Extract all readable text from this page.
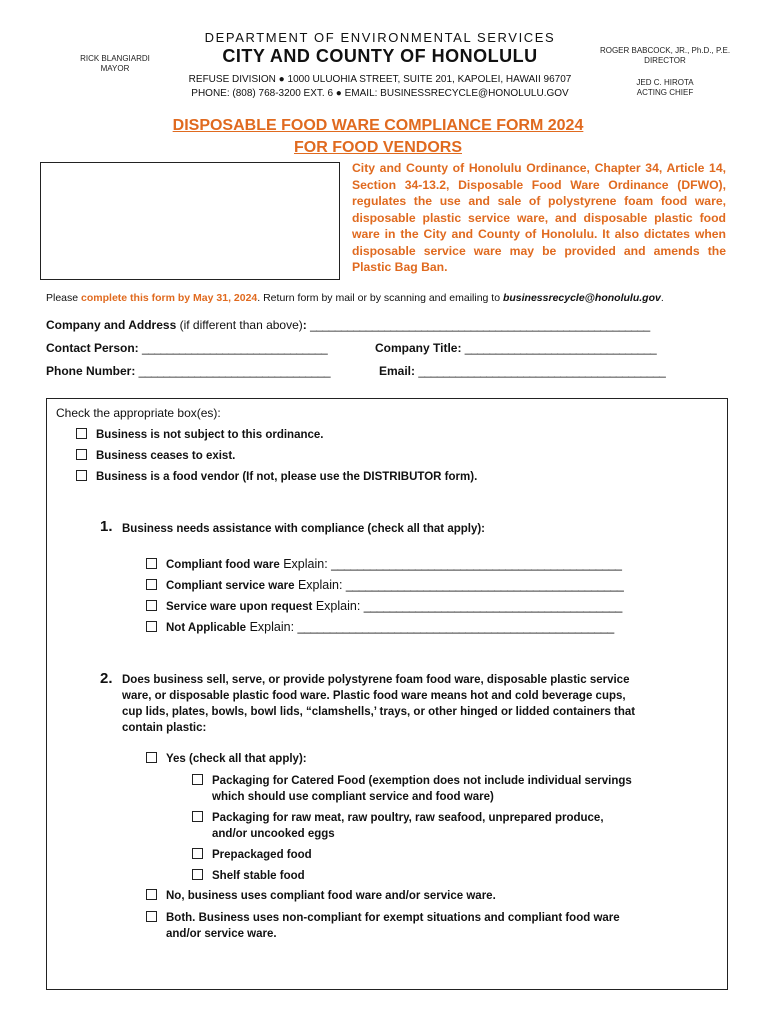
RICK BLANGIARDI
MAYOR
DEPARTMENT OF ENVIRONMENTAL SERVICES
CITY AND COUNTY OF HONOLULU
REFUSE DIVISION ● 1000 ULUOHIA STREET, SUITE 201, KAPOLEI, HAWAII 96707
PHONE: (808) 768-3200 EXT. 6 ● EMAIL: BUSINESSRECYCLE@HONOLULU.GOV
ROGER BABCOCK, JR., Ph.D., P.E.
DIRECTOR
JED C. HIROTA
ACTING CHIEF
DISPOSABLE FOOD WARE COMPLIANCE FORM 2024
FOR FOOD VENDORS
City and County of Honolulu Ordinance, Chapter 34, Article 14, Section 34-13.2, Disposable Food Ware Ordinance (DFWO), regulates the use and sale of polystyrene foam food ware, disposable plastic service ware, and disposable plastic food ware in the City and County of Honolulu. It also dictates when disposable service ware may be provided and amends the Plastic Bag Ban.
Please complete this form by May 31, 2024. Return form by mail or by scanning and emailing to businessrecycle@honolulu.gov.
Company and Address (if different than above): _______________________________________________________
Contact Person: ______________________________	Company Title: _______________________________
Phone Number: _______________________________	Email: ________________________________________
Check the appropriate box(es):
Business is not subject to this ordinance.
Business ceases to exist.
Business is a food vendor (If not, please use the DISTRIBUTOR form).
1. Business needs assistance with compliance (check all that apply):
Compliant food ware Explain: _____________________________________________
Compliant service ware Explain: ___________________________________________
Service ware upon request Explain: ________________________________________
Not Applicable Explain: _________________________________________________
2. Does business sell, serve, or provide polystyrene foam food ware, disposable plastic service
ware, or disposable plastic food ware. Plastic food ware means hot and cold beverage cups,
cup lids, plates, bowls, bowl lids, “clamshells,’ trays, or other hinged or lidded containers that
contain plastic:
Yes (check all that apply):
Packaging for Catered Food (exemption does not include individual servings
which should use compliant service and food ware)
Packaging for raw meat, raw poultry, raw seafood, unprepared produce,
and/or uncooked eggs
Prepackaged food
Shelf stable food
No, business uses compliant food ware and/or service ware.
Both. Business uses non-compliant for exempt situations and compliant food ware
and/or service ware.
